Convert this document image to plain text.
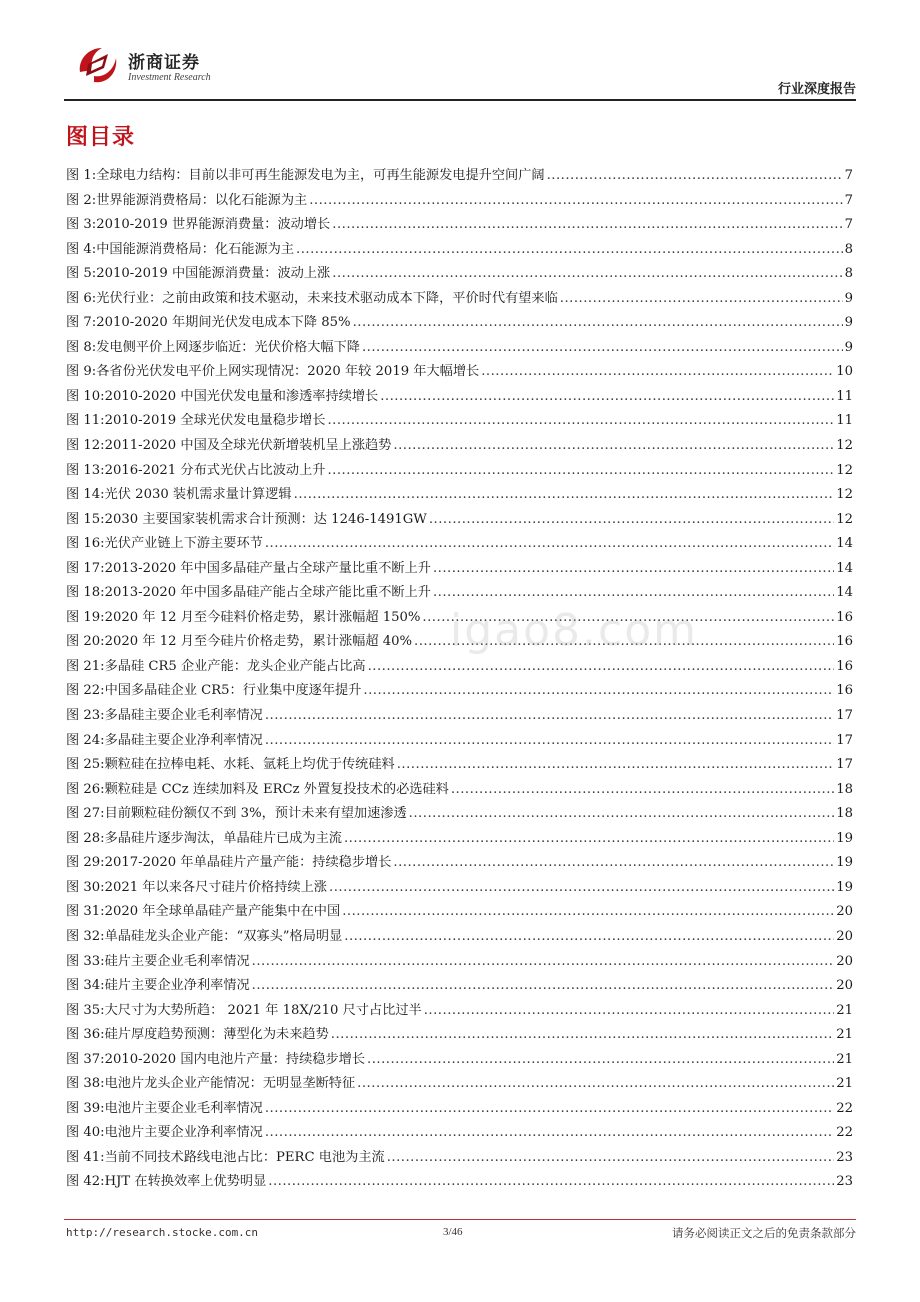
浙商证券
Investment Research
行业深度报告
图目录
图 1: 全球电力结构：目前以非可再生能源发电为主，可再生能源发电提升空间广阔 .....	7
图 2: 世界能源消费格局：以化石能源为主 .....	7
图 3: 2010-2019 世界能源消费量：波动增长 .....	7
图 4: 中国能源消费格局：化石能源为主 .....	8
图 5: 2010-2019 中国能源消费量：波动上涨 .....	8
图 6: 光伏行业：之前由政策和技术驱动，未来技术驱动成本下降，平价时代有望来临 .....	9
图 7: 2010-2020 年期间光伏发电成本下降 85% .....	9
图 8: 发电侧平价上网逐步临近：光伏价格大幅下降 .....	9
图 9: 各省份光伏发电平价上网实现情况：2020 年较 2019 年大幅增长 .....	10
图 10: 2010-2020 中国光伏发电量和渗透率持续增长 .....	11
图 11: 2010-2019 全球光伏发电量稳步增长 .....	11
图 12: 2011-2020 中国及全球光伏新增装机呈上涨趋势 .....	12
图 13: 2016-2021 分布式光伏占比波动上升 .....	12
图 14: 光伏 2030 装机需求量计算逻辑 .....	12
图 15: 2030 主要国家装机需求合计预测：达 1246-1491GW .....	12
图 16: 光伏产业链上下游主要环节 .....	14
图 17: 2013-2020 年中国多晶硅产量占全球产量比重不断上升 .....	14
图 18: 2013-2020 年中国多晶硅产能占全球产能比重不断上升 .....	14
图 19: 2020 年 12 月至今硅料价格走势，累计涨幅超 150% .....	16
图 20: 2020 年 12 月至今硅片价格走势，累计涨幅超 40% .....	16
图 21: 多晶硅 CR5 企业产能：龙头企业产能占比高 .....	16
图 22: 中国多晶硅企业 CR5：行业集中度逐年提升 .....	16
图 23: 多晶硅主要企业毛利率情况 .....	17
图 24: 多晶硅主要企业净利率情况 .....	17
图 25: 颗粒硅在拉棒电耗、水耗、氩耗上均优于传统硅料 .....	17
图 26: 颗粒硅是 CCz 连续加料及 ERCz 外置复投技术的必选硅料 .....	18
图 27: 目前颗粒硅份额仅不到 3%，预计未来有望加速渗透 .....	18
图 28: 多晶硅片逐步淘汰，单晶硅片已成为主流 .....	19
图 29: 2017-2020 年单晶硅片产量产能：持续稳步增长 .....	19
图 30: 2021 年以来各尺寸硅片价格持续上涨 .....	19
图 31: 2020 年全球单晶硅产量产能集中在中国 .....	20
图 32: 单晶硅龙头企业产能：“双寡头”格局明显 .....	20
图 33: 硅片主要企业毛利率情况 .....	20
图 34: 硅片主要企业净利率情况 .....	20
图 35: 大尺寸为大势所趋： 2021 年 18X/210 尺寸占比过半 .....	21
图 36: 硅片厚度趋势预测：薄型化为未来趋势 .....	21
图 37: 2010-2020 国内电池片产量：持续稳步增长 .....	21
图 38: 电池片龙头企业产能情况：无明显垄断特征 .....	21
图 39: 电池片主要企业毛利率情况 .....	22
图 40: 电池片主要企业净利率情况 .....	22
图 41: 当前不同技术路线电池占比：PERC 电池为主流 .....	23
图 42: HJT 在转换效率上优势明显 .....	23
igao8.com
http://research.stocke.com.cn	3/46	请务必阅读正文之后的免责条款部分
